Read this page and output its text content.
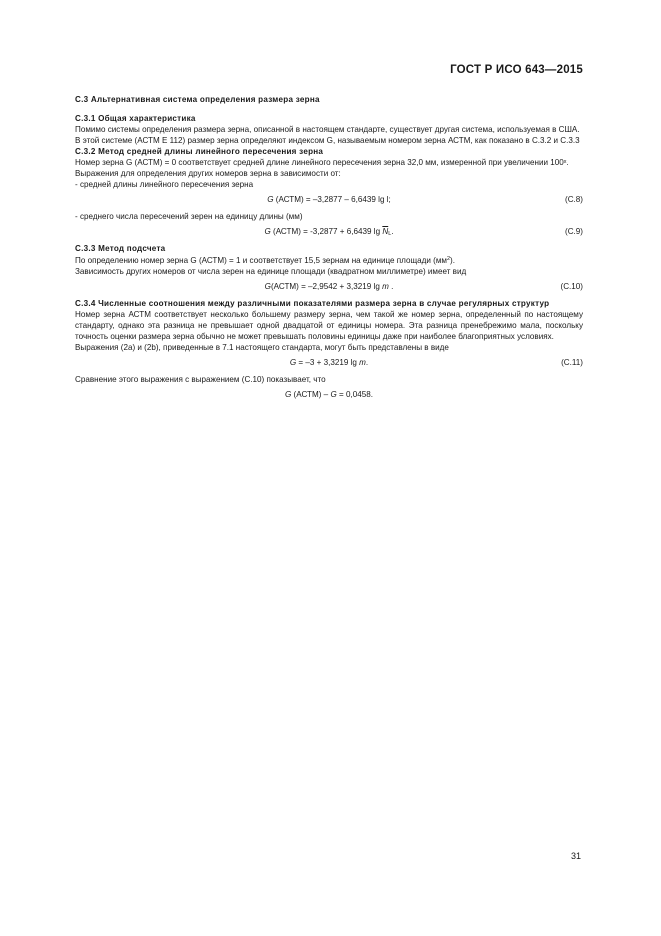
ГОСТ Р ИСО 643—2015
С.3 Альтернативная система определения размера зерна
С.3.1 Общая характеристика
Помимо системы определения размера зерна, описанной в настоящем стандарте, существует другая система, используемая в США.
В этой системе (АСТМ Е 112) размер зерна определяют индексом G, называемым номером зерна АСТМ, как показано в С.3.2 и С.3.3
С.3.2 Метод средней длины линейного пересечения зерна
Номер зерна G (АСТМ) = 0 соответствует средней длине линейного пересечения зерна 32,0 мм, измеренной при увеличении 100ˣ.
Выражения для определения других номеров зерна в зависимости от:
- средней длины линейного пересечения зерна
G (АСТМ) = –3,2877 – 6,6439 lg l;	(С.8)
- среднего числа пересечений зерен на единицу длины (мм)
G (АСТМ) = -3,2877 + 6,6439 $\lg \overline{N}L$.	(С.9)
С.3.3 Метод подсчета
По определению номер зерна G (АСТМ) = 1 и соответствует 15,5 зернам на единице площади $(мм^2)$.
Зависимость других номеров от числа зерен на единице площади (квадратном миллиметре) имеет вид
G(АСТМ) = –2,9542 + 3,3219 lg m .	(С.10)
С.3.4 Численные соотношения между различными показателями размера зерна в случае регулярных структур
Номер зерна АСТМ соответствует несколько большему размеру зерна, чем такой же номер зерна, определенный по настоящему стандарту, однако эта разница не превышает одной двадцатой от единицы номера. Эта разница пренебрежимо мала, поскольку точность оценки размера зерна обычно не может превышать половины единицы даже при наиболее благоприятных условиях.
Выражения (2а) и (2b), приведенные в 7.1 настоящего стандарта, могут быть представлены в виде
G = –3 + 3,3219 lg m.	(С.11)
Сравнение этого выражения с выражением (С.10) показывает, что
G (АСТМ) – G = 0,0458.
31
